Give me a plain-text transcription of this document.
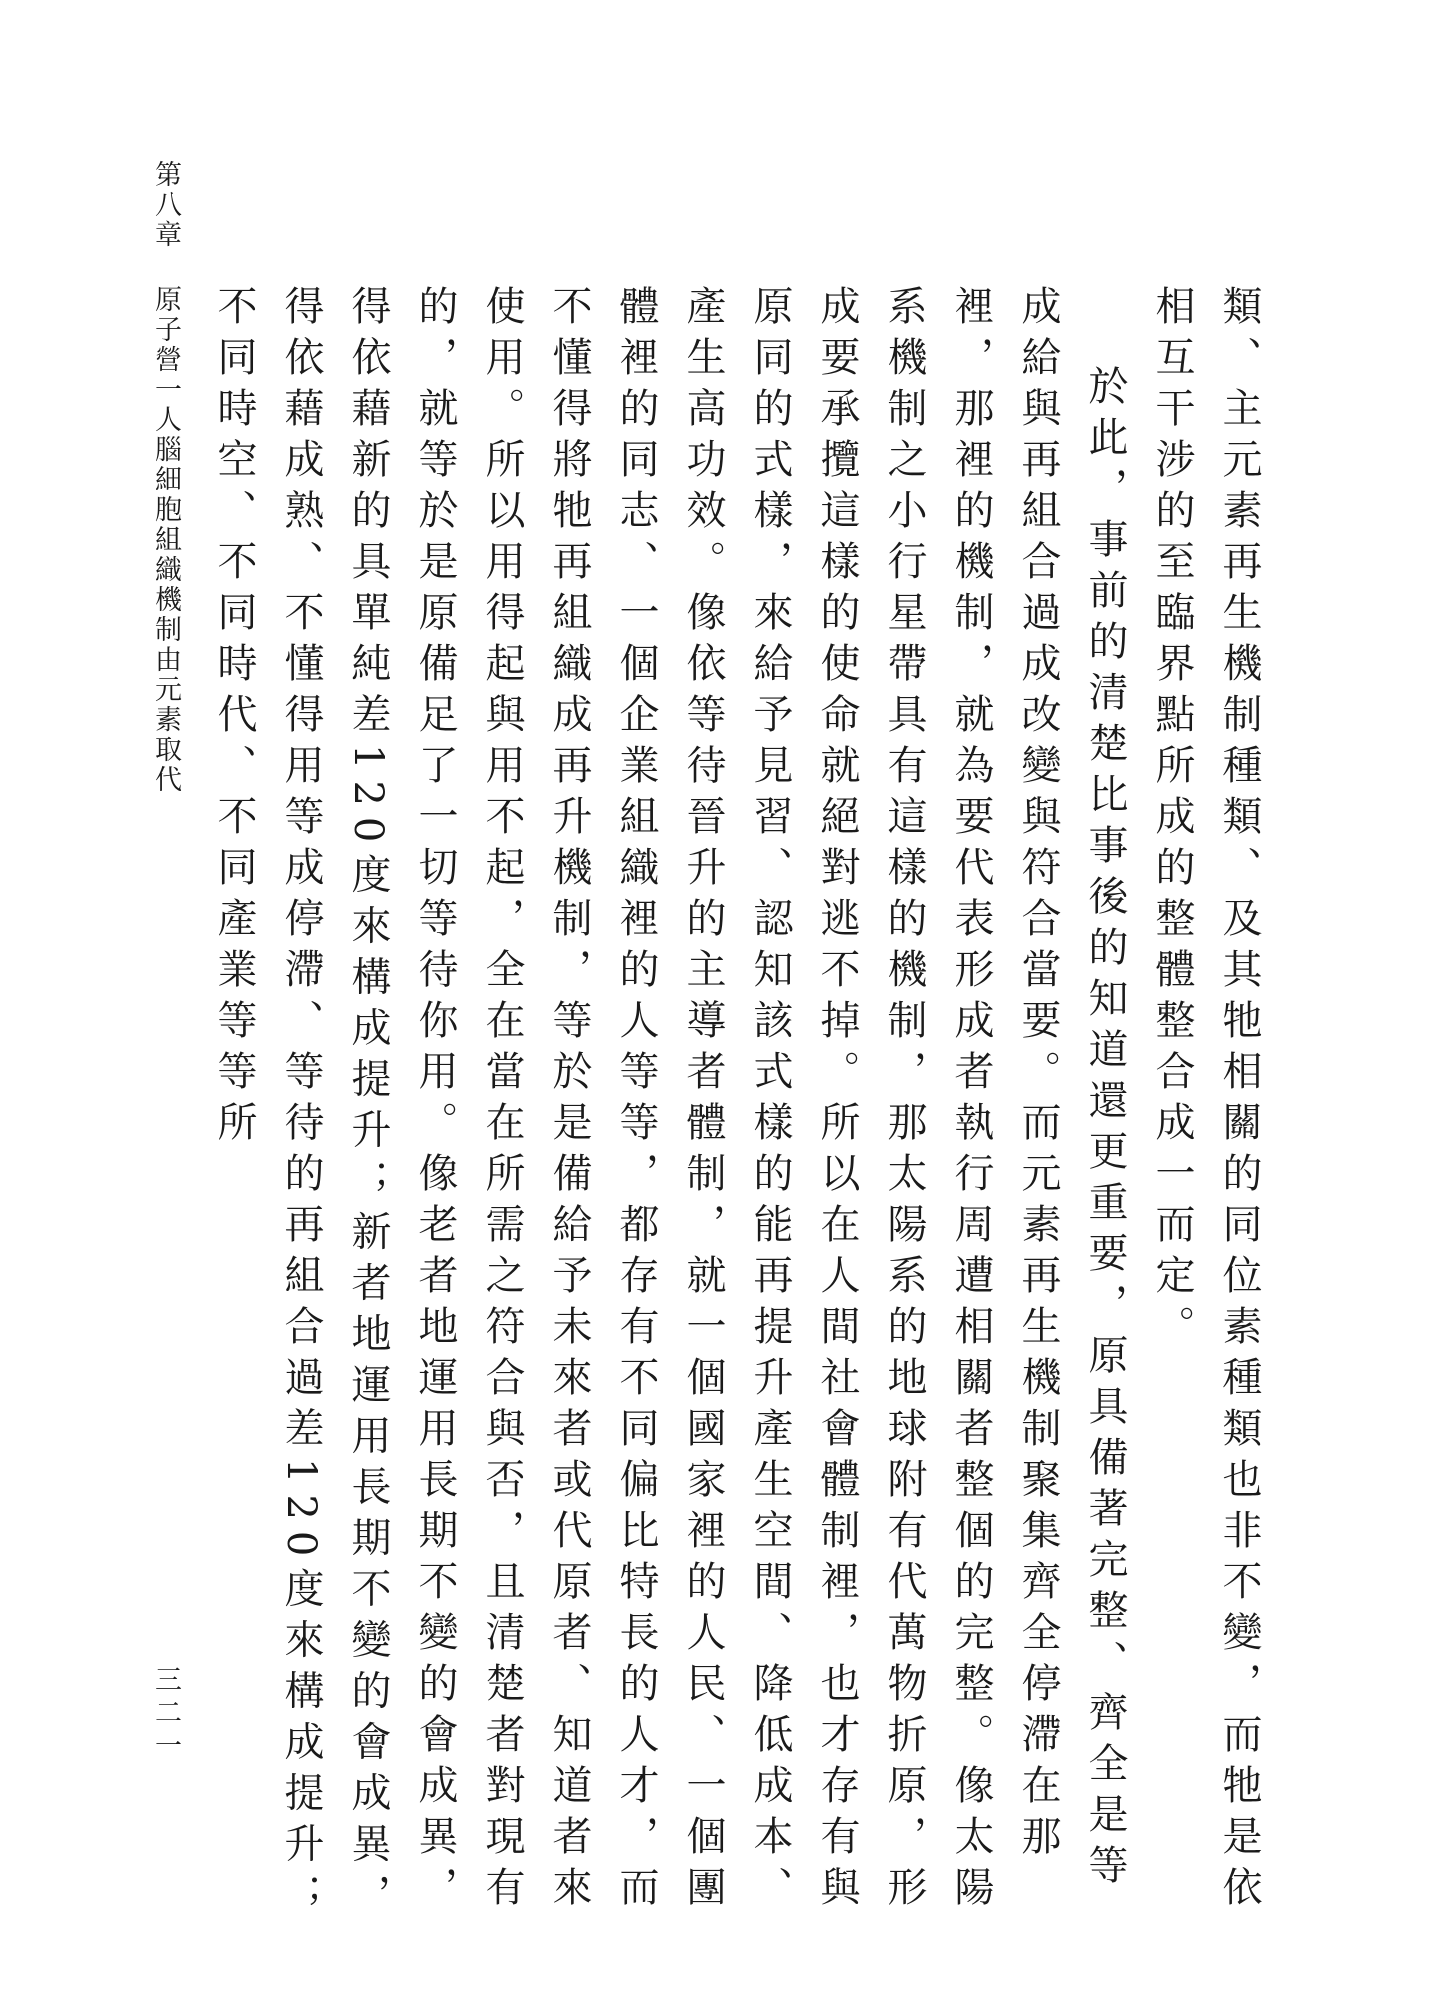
第八章原子營一人腦細胞組織機制由元素取代
三二一	類、主元素再生機制種類、及其牠相關的同位素種類也非不變，而牠是依相互干涉的至臨界點所成的整體整合成一而定。

於此，事前的清楚比事後的知道還更重要，原具備著完整、齊全是等成給與再組合過成改變與符合當要。而元素再生機制聚集齊全停滯在那裡，那裡的機制，就為要代表形成者執行周遭相關者整個的完整。像太陽系機制之小行星帶具有這樣的機制，那太陽系的地球附有代萬物折原，形成要承攬這樣的使命就絕對逃不掉。所以在人間社會體制裡，也才存有與原同的式樣，來給予見習、認知該式樣的能再提升產生空間、降低成本、產生高功效。像依等待晉升的主導者體制，就一個國家裡的人民、一個團體裡的同志、一個企業組織裡的人等等，都存有不同偏比特長的人才，而不懂得將牠再組織成再升機制，等於是備給予未來者或代原者、知道者來使用。所以用得起與用不起，全在當在所需之符合與否，且清楚者對現有的，就等於是原備足了一切等待你用。像老者地運用長期不變的會成異，得依藉新的具單純差120度來構成提升；新者地運用長期不變的會成異，得依藉成熟、不懂得用等成停滯、等待的再組合過差120度來構成提升；不同時空、不同時代、不同產業等等所
